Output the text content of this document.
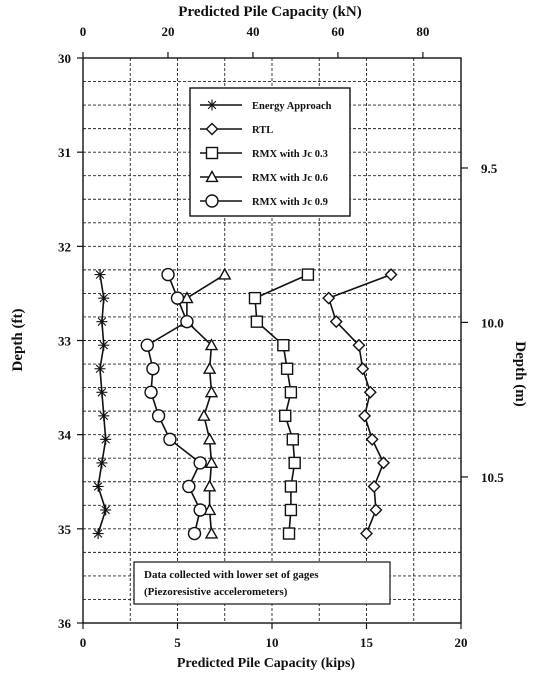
Predicted Pile Capacity (kN)
Predicted Pile Capacity (kips)
Depth (ft)
Depth (m)
0	5	10	15	20
0	20	40	60	80
30
31
32
33
34
35
36
9.5
10.0
10.5
Energy Approach
RTL
RMX with Jc 0.3
RMX with Jc 0.6
RMX with Jc 0.9
Data collected with lower set of gages
(Piezoresistive accelerometers)
